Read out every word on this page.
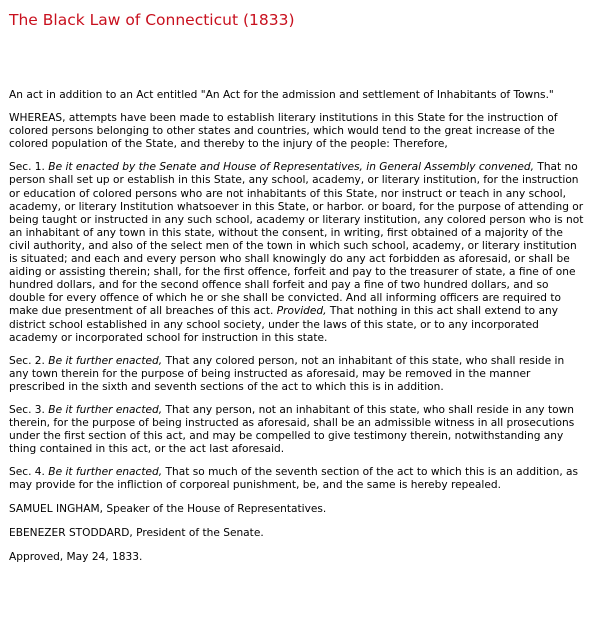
The Black Law of Connecticut (1833)

An act in addition to an Act entitled "An Act for the admission and settlement of Inhabitants of Towns."

WHEREAS, attempts have been made to establish literary institutions in this State for the instruction of colored persons belonging to other states and countries, which would tend to the great increase of the colored population of the State, and thereby to the injury of the people: Therefore,

Sec. 1. Be it enacted by the Senate and House of Representatives, in General Assembly convened, That no person shall set up or establish in this State, any school, academy, or literary institution, for the instruction or education of colored persons who are not inhabitants of this State, nor instruct or teach in any school, academy, or literary Institution whatsoever in this State, or harbor. or board, for the purpose of attending or being taught or instructed in any such school, academy or literary institution, any colored person who is not an inhabitant of any town in this state, without the consent, in writing, first obtained of a majority of the civil authority, and also of the select men of the town in which such school, academy, or literary institution is situated; and each and every person who shall knowingly do any act forbidden as aforesaid, or shall be aiding or assisting therein; shall, for the first offence, forfeit and pay to the treasurer of state, a fine of one hundred dollars, and for the second offence shall forfeit and pay a fine of two hundred dollars, and so double for every offence of which he or she shall be convicted. And all informing officers are required to make due presentment of all breaches of this act. Provided, That nothing in this act shall extend to any district school established in any school society, under the laws of this state, or to any incorporated academy or incorporated school for instruction in this state.

Sec. 2. Be it further enacted, That any colored person, not an inhabitant of this state, who shall reside in any town therein for the purpose of being instructed as aforesaid, may be removed in the manner prescribed in the sixth and seventh sections of the act to which this is in addition.

Sec. 3. Be it further enacted, That any person, not an inhabitant of this state, who shall reside in any town therein, for the purpose of being instructed as aforesaid, shall be an admissible witness in all prosecutions under the first section of this act, and may be compelled to give testimony therein, notwithstanding any thing contained in this act, or the act last aforesaid.

Sec. 4. Be it further enacted, That so much of the seventh section of the act to which this is an addition, as may provide for the infliction of corporeal punishment, be, and the same is hereby repealed.

SAMUEL INGHAM, Speaker of the House of Representatives.

EBENEZER STODDARD, President of the Senate.

Approved, May 24, 1833.
